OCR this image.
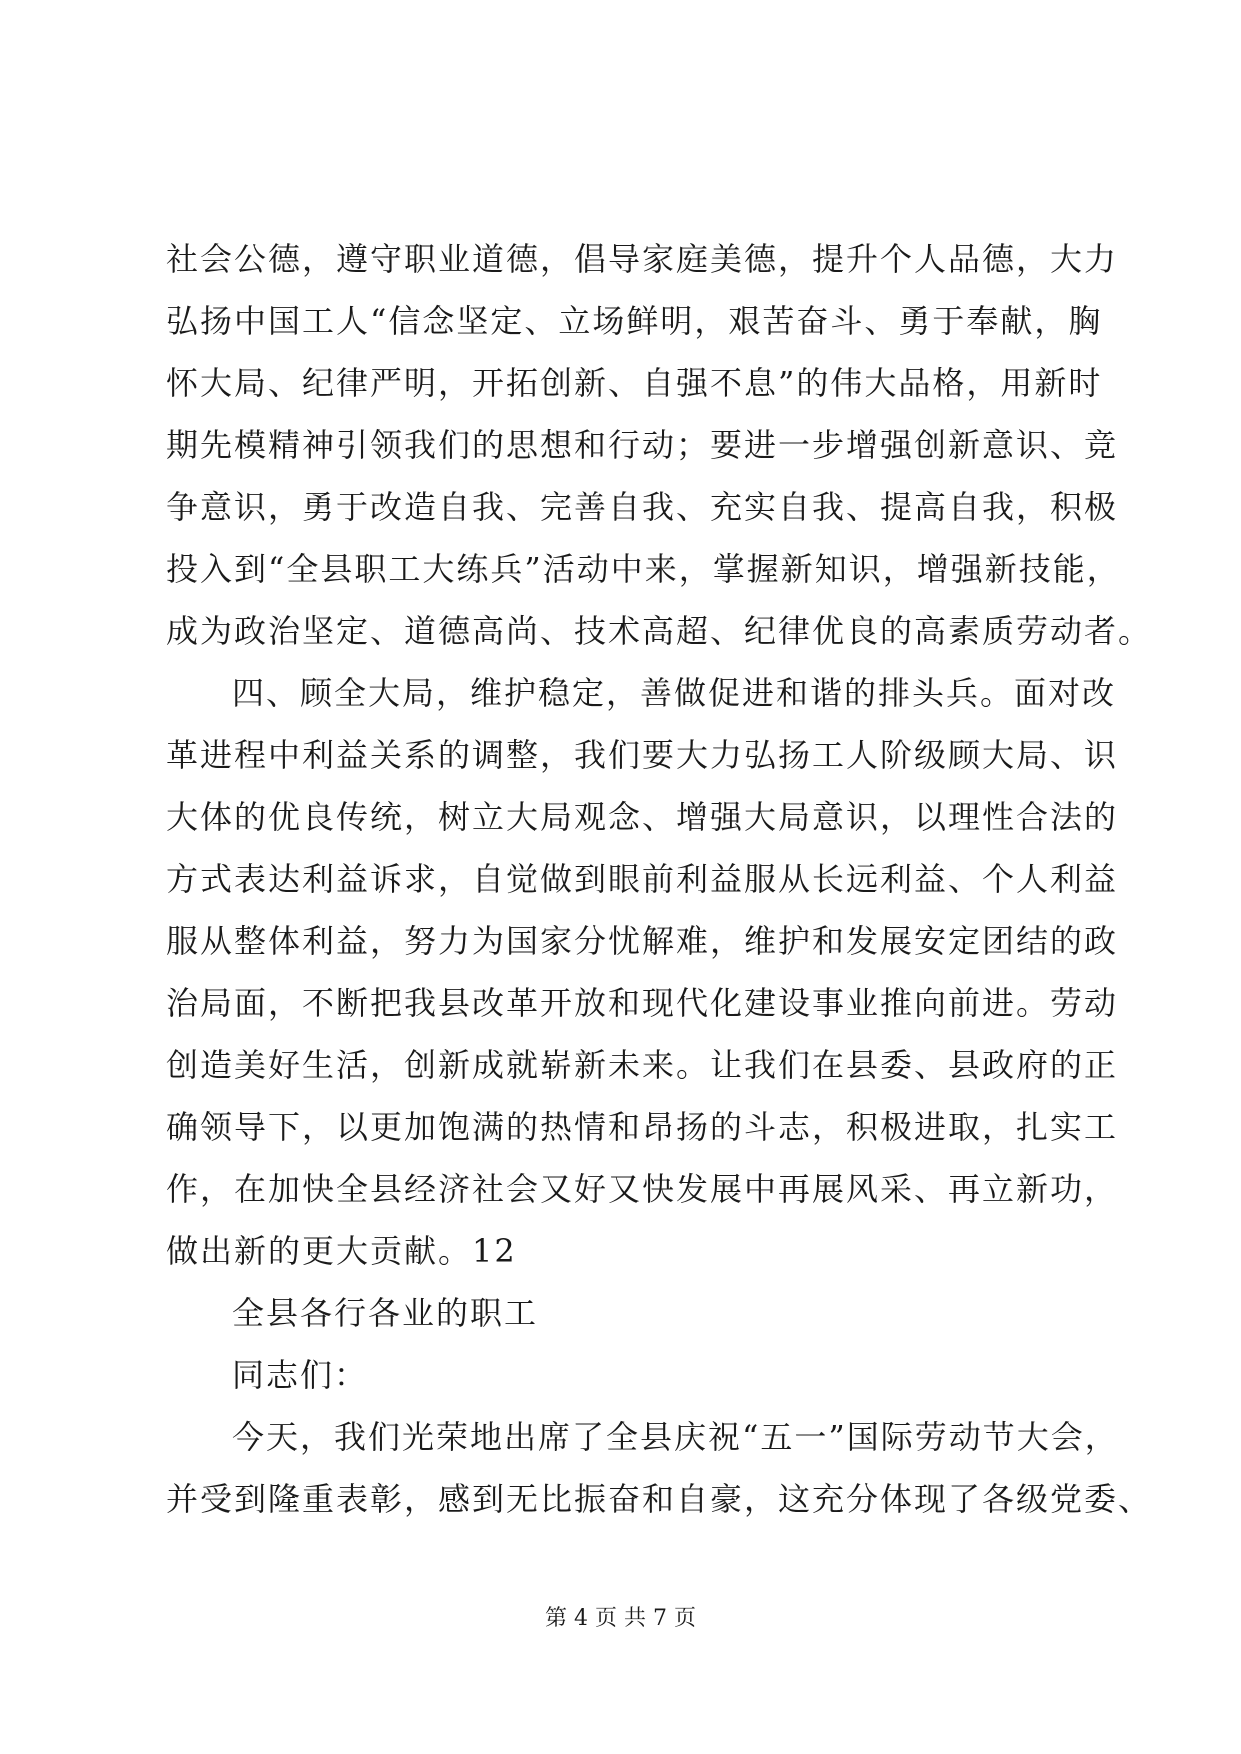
社会公德，遵守职业道德，倡导家庭美德，提升个人品德，大力
弘扬中国工人“信念坚定、立场鲜明，艰苦奋斗、勇于奉献，胸
怀大局、纪律严明，开拓创新、自强不息”的伟大品格，用新时
期先模精神引领我们的思想和行动；要进一步增强创新意识、竞
争意识，勇于改造自我、完善自我、充实自我、提高自我，积极
投入到“全县职工大练兵”活动中来，掌握新知识，增强新技能，
成为政治坚定、道德高尚、技术高超、纪律优良的高素质劳动者。
四、顾全大局，维护稳定，善做促进和谐的排头兵。面对改
革进程中利益关系的调整，我们要大力弘扬工人阶级顾大局、识
大体的优良传统，树立大局观念、增强大局意识，以理性合法的
方式表达利益诉求，自觉做到眼前利益服从长远利益、个人利益
服从整体利益，努力为国家分忧解难，维护和发展安定团结的政
治局面，不断把我县改革开放和现代化建设事业推向前进。劳动
创造美好生活，创新成就崭新未来。让我们在县委、县政府的正
确领导下，以更加饱满的热情和昂扬的斗志，积极进取，扎实工
作，在加快全县经济社会又好又快发展中再展风采、再立新功，
做出新的更大贡献。12
全县各行各业的职工
同志们：
今天，我们光荣地出席了全县庆祝“五一”国际劳动节大会，
并受到隆重表彰，感到无比振奋和自豪，这充分体现了各级党委、
第 4 页 共 7 页
